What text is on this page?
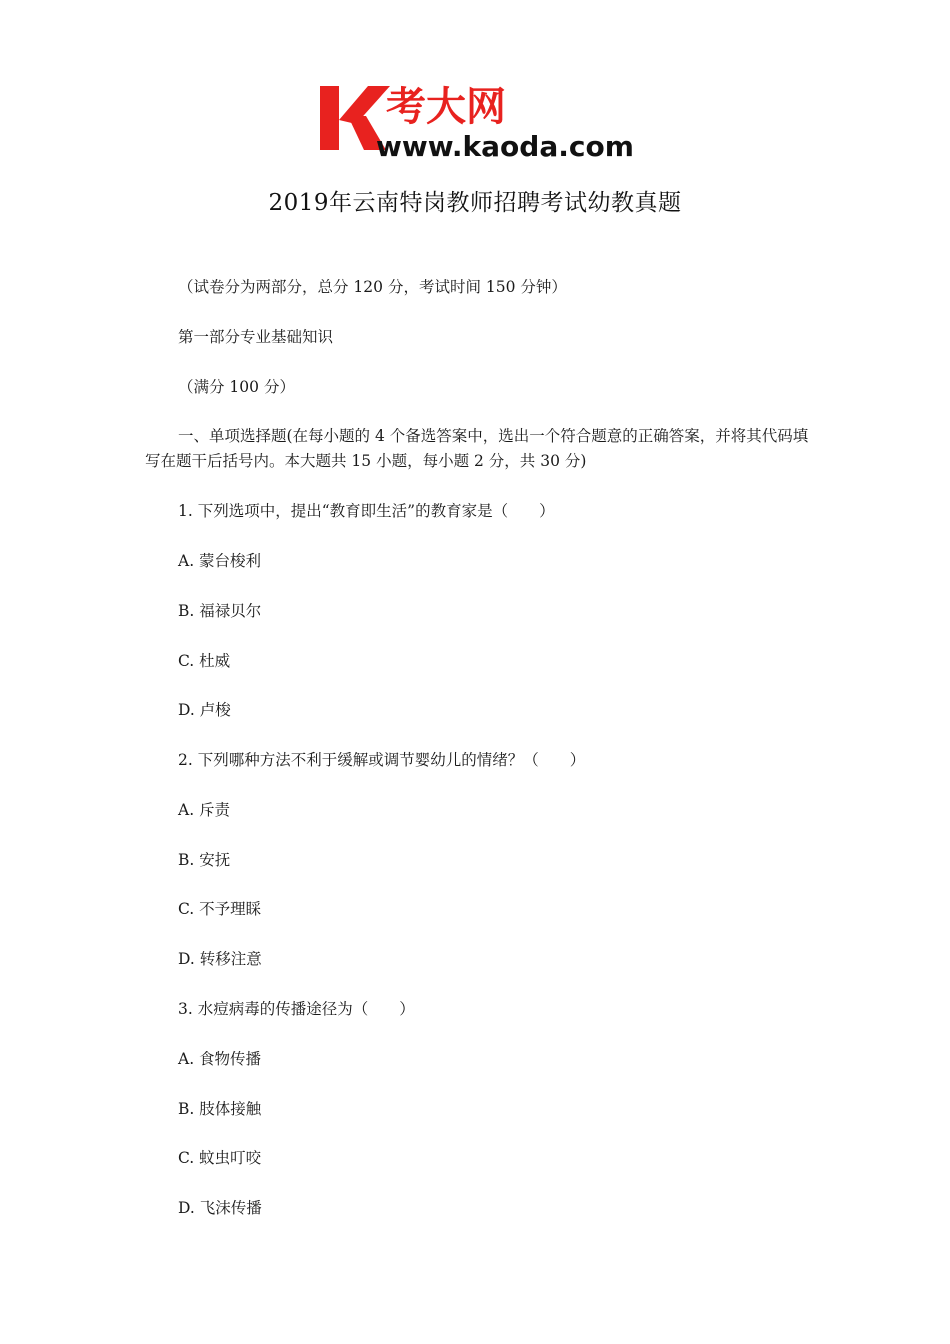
考大网
www.kaoda.com
2019年云南特岗教师招聘考试幼教真题
（试卷分为两部分，总分 120 分，考试时间 150 分钟）
第一部分专业基础知识
（满分 100 分）
一、单项选择题(在每小题的 4 个备选答案中，选出一个符合题意的正确答案，并将其代码填写在题干后括号内。本大题共 15 小题，每小题 2 分，共 30 分)
1. 下列选项中，提出“教育即生活”的教育家是（　　）
A. 蒙台梭利
B. 福禄贝尔
C. 杜威
D. 卢梭
2. 下列哪种方法不利于缓解或调节婴幼儿的情绪？（　　）
A. 斥责
B. 安抚
C. 不予理睬
D. 转移注意
3. 水痘病毒的传播途径为（　　）
A. 食物传播
B. 肢体接触
C. 蚊虫叮咬
D. 飞沫传播
